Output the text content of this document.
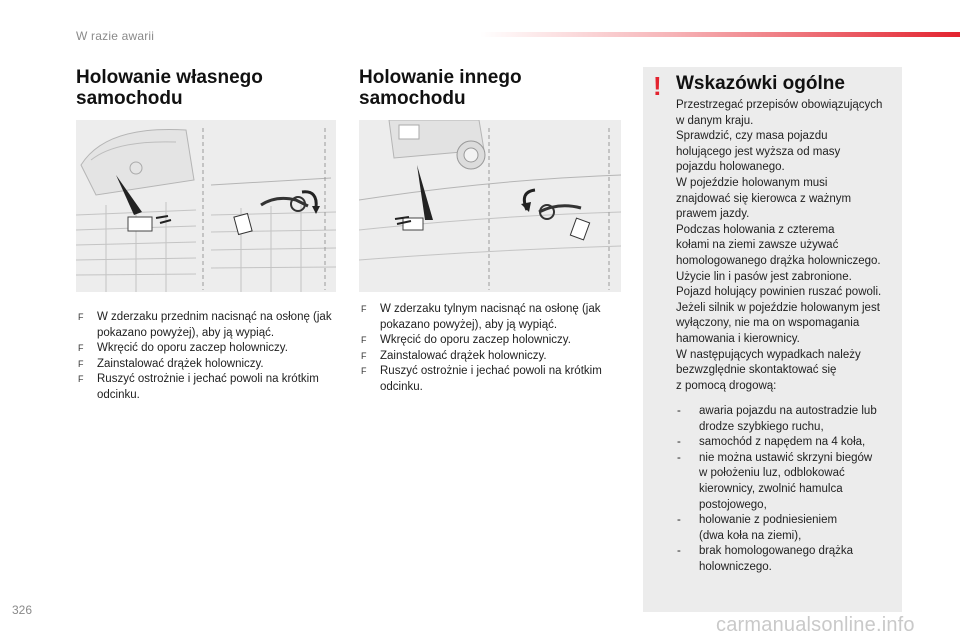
W razie awarii
Holowanie własnego
samochodu
F W zderzaku przednim nacisnąć na osłonę (jak pokazano powyżej), aby ją wypiąć.
F Wkręcić do oporu zaczep holowniczy.
F Zainstalować drążek holowniczy.
F Ruszyć ostrożnie i jechać powoli na krótkim odcinku.
Holowanie innego
samochodu
F W zderzaku tylnym nacisnąć na osłonę (jak pokazano powyżej), aby ją wypiąć.
F Wkręcić do oporu zaczep holowniczy.
F Zainstalować drążek holowniczy.
F Ruszyć ostrożnie i jechać powoli na krótkim odcinku.
! Wskazówki ogólne

Przestrzegać przepisów obowiązujących
w danym kraju.
Sprawdzić, czy masa pojazdu
holującego jest wyższa od masy
pojazdu holowanego.
W pojeździe holowanym musi
znajdować się kierowca z ważnym
prawem jazdy.
Podczas holowania z czterema
kołami na ziemi zawsze używać
homologowanego drążka holowniczego.
Użycie lin i pasów jest zabronione.
Pojazd holujący powinien ruszać powoli.
Jeżeli silnik w pojeździe holowanym jest
wyłączony, nie ma on wspomagania
hamowania i kierownicy.
W następujących wypadkach należy
bezwzględnie skontaktować się
z pomocą drogową:

- awaria pojazdu na autostradzie lub
drodze szybkiego ruchu,
- samochód z napędem na 4 koła,
- nie można ustawić skrzyni biegów
w położeniu luz, odblokować
kierownicy, zwolnić hamulca
postojowego,
- holowanie z podniesieniem
(dwa koła na ziemi),
- brak homologowanego drążka
holowniczego.
326
carmanualsonline.info
